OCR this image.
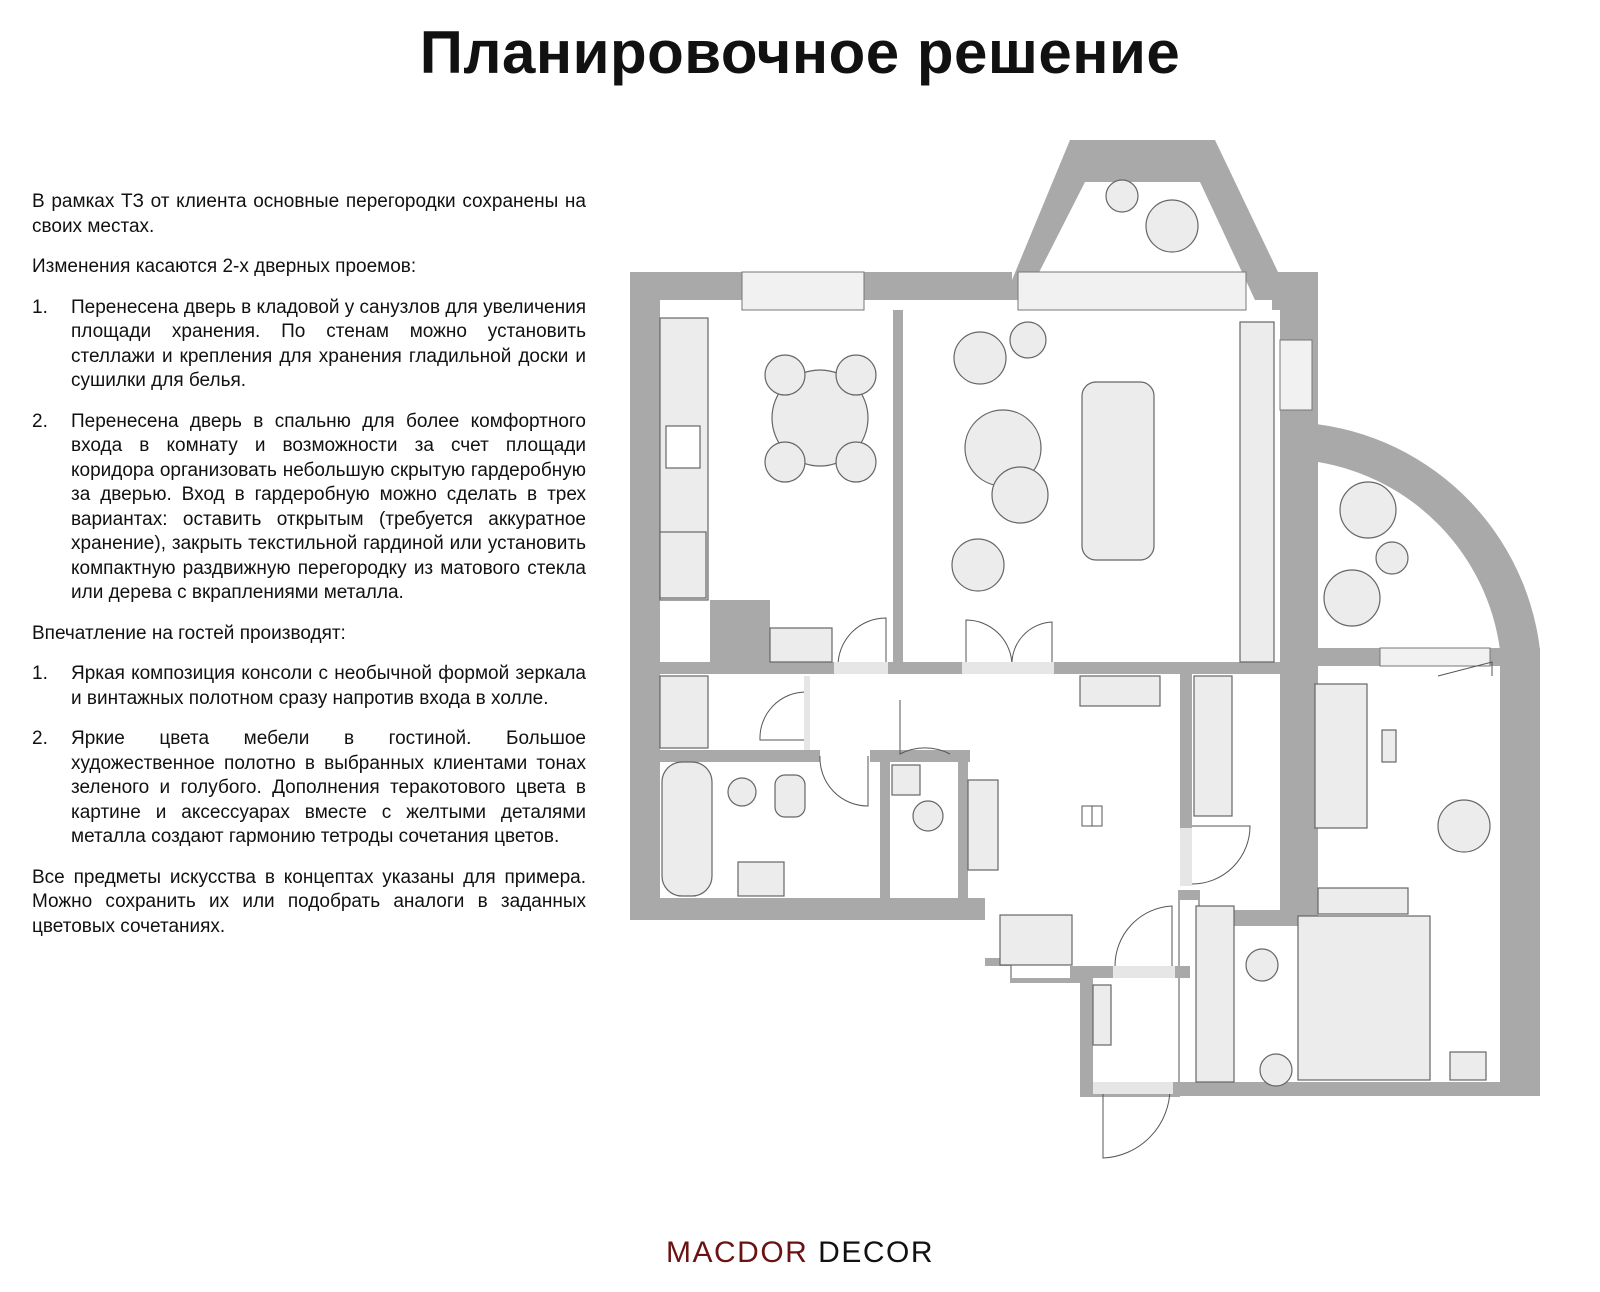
Планировочное решение

В рамках ТЗ от клиента основные перегородки сохранены на своих местах.

Изменения касаются 2-х дверных проемов:

1. Перенесена дверь в кладовой у санузлов для увеличения площади хранения. По стенам можно установить стеллажи и крепления для хранения гладильной доски и сушилки для белья.
2. Перенесена дверь в спальню для более комфортного входа в комнату и возможности за счет площади коридора организовать небольшую скрытую гардеробную за дверью. Вход в гардеробную можно сделать в трех вариантах: оставить открытым (требуется аккуратное хранение), закрыть текстильной гардиной или установить компактную раздвижную перегородку из матового стекла или дерева с вкраплениями металла.

Впечатление на гостей производят:

1. Яркая композиция консоли с необычной формой зеркала и винтажных полотном сразу напротив входа в холле.
2. Яркие цвета мебели в гостиной. Большое художественное полотно в выбранных клиентами тонах зеленого и голубого. Дополнения теракотового цвета в картине и аксессуарах вместе с желтыми деталями металла создают гармонию тетроды сочетания цветов.

Все предметы искусства в концептах указаны для примера. Можно сохранить их или подобрать аналоги в заданных цветовых сочетаниях.

MACDOR DECOR
